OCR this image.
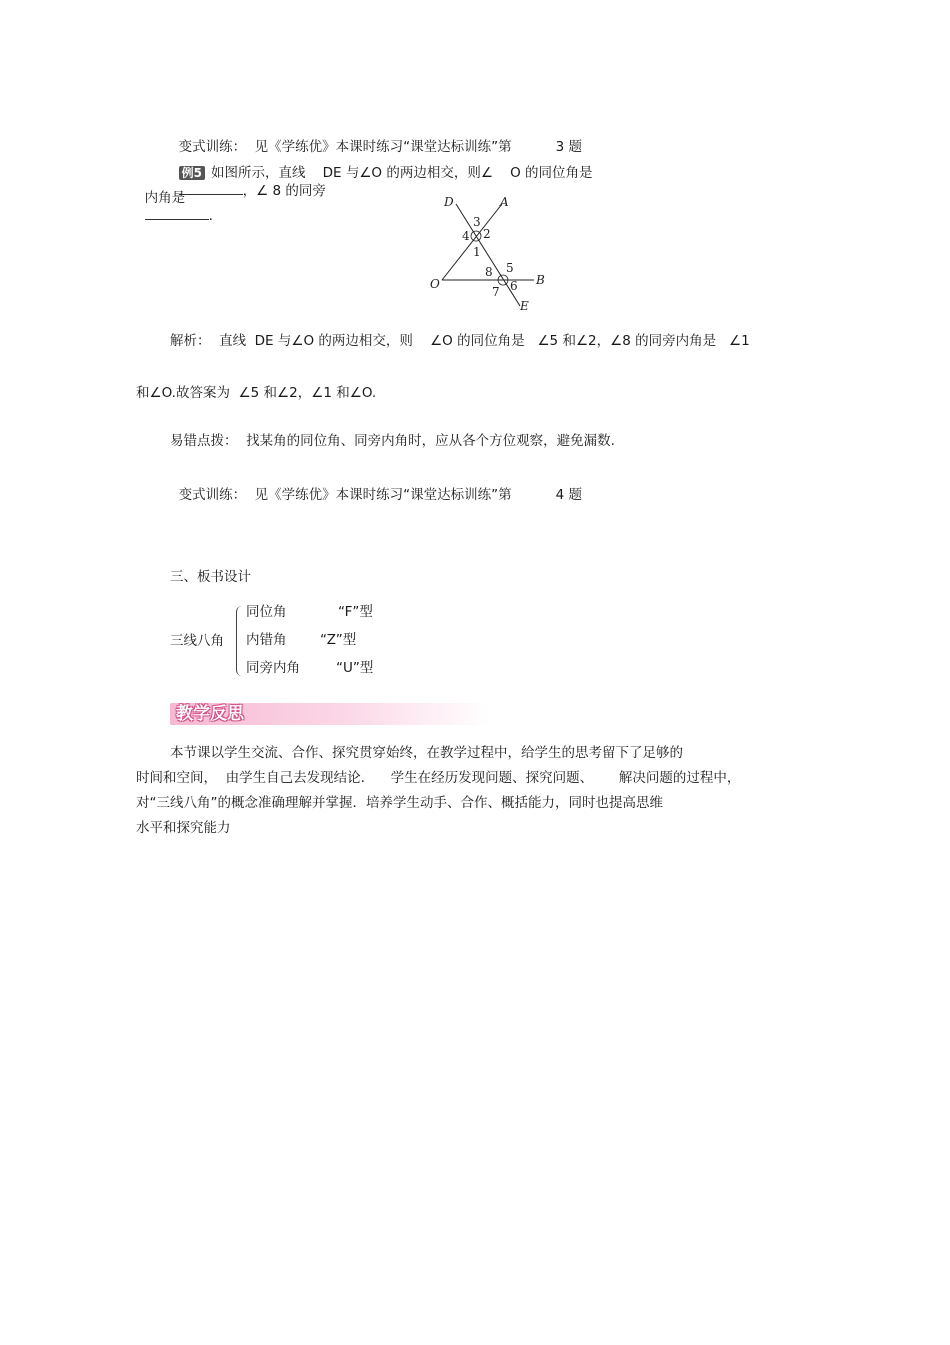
变式训练：  见《学练优》本课时练习“课堂达标训练”第	3 题

例5 如图所示，直线    DE 与∠O 的两边相交，则∠    O 的同位角是
，∠ 8 的同旁

内角是
.

D	A
O	B
E
3
2
4
1
8 5
7 6
解析：  直线  DE 与∠O 的两边相交，则    ∠O 的同位角是   ∠5 和∠2，∠8 的同旁内角是   ∠1
和∠O.故答案为  ∠5 和∠2，∠1 和∠O.
易错点拨：  找某角的同位角、同旁内角时，应从各个方位观察，避免漏数.

变式训练：  见《学练优》本课时练习“课堂达标训练”第	4 题

三、板书设计
三线八角
同位角	“F”型
内错角 “Z”型
同旁内角	“U”型
教学反思
本节课以学生交流、合作、探究贯穿始终，在教学过程中，给学生的思考留下了足够的
时间和空间，  由学生自己去发现结论.      学生在经历发现问题、探究问题、      解决问题的过程中，
对“三线八角”的概念准确理解并掌握．培养学生动手、合作、概括能力，同时也提高思维
水平和探究能力
